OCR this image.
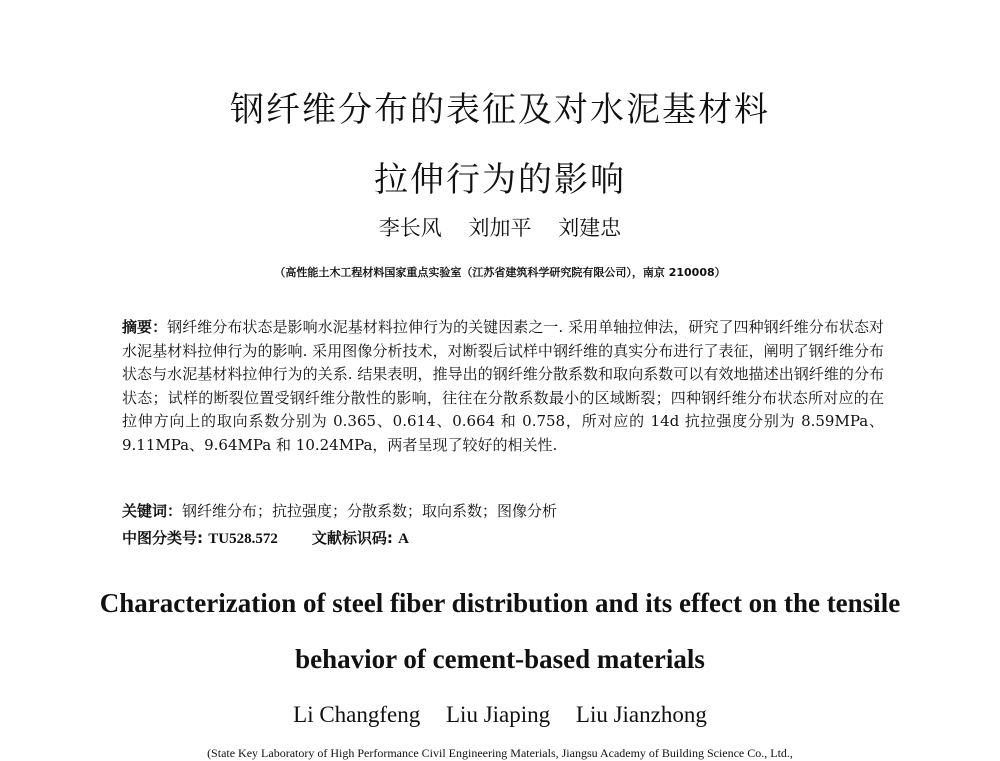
钢纤维分布的表征及对水泥基材料
拉伸行为的影响

李长风 刘加平 刘建忠

（高性能土木工程材料国家重点实验室（江苏省建筑科学研究院有限公司），南京 210008）

摘要：钢纤维分布状态是影响水泥基材料拉伸行为的关键因素之一. 采用单轴拉伸法，研究了四种钢纤维分布状态对水泥基材料拉伸行为的影响. 采用图像分析技术，对断裂后试样中钢纤维的真实分布进行了表征，阐明了钢纤维分布状态与水泥基材料拉伸行为的关系. 结果表明，推导出的钢纤维分散系数和取向系数可以有效地描述出钢纤维的分布状态；试样的断裂位置受钢纤维分散性的影响，往往在分散系数最小的区域断裂；四种钢纤维分布状态所对应的在拉伸方向上的取向系数分别为 0.365、0.614、0.664 和 0.758，所对应的 14d 抗拉强度分别为 8.59MPa、9.11MPa、9.64MPa 和 10.24MPa，两者呈现了较好的相关性.

关键词：钢纤维分布；抗拉强度；分散系数；取向系数；图像分析

中图分类号: TU528.572 文献标识码: A

Characterization of steel fiber distribution and its effect on the tensile
behavior of cement-based materials

Li Changfeng Liu Jiaping Liu Jianzhong

(State Key Laboratory of High Performance Civil Engineering Materials, Jiangsu Academy of Building Science Co., Ltd.,
